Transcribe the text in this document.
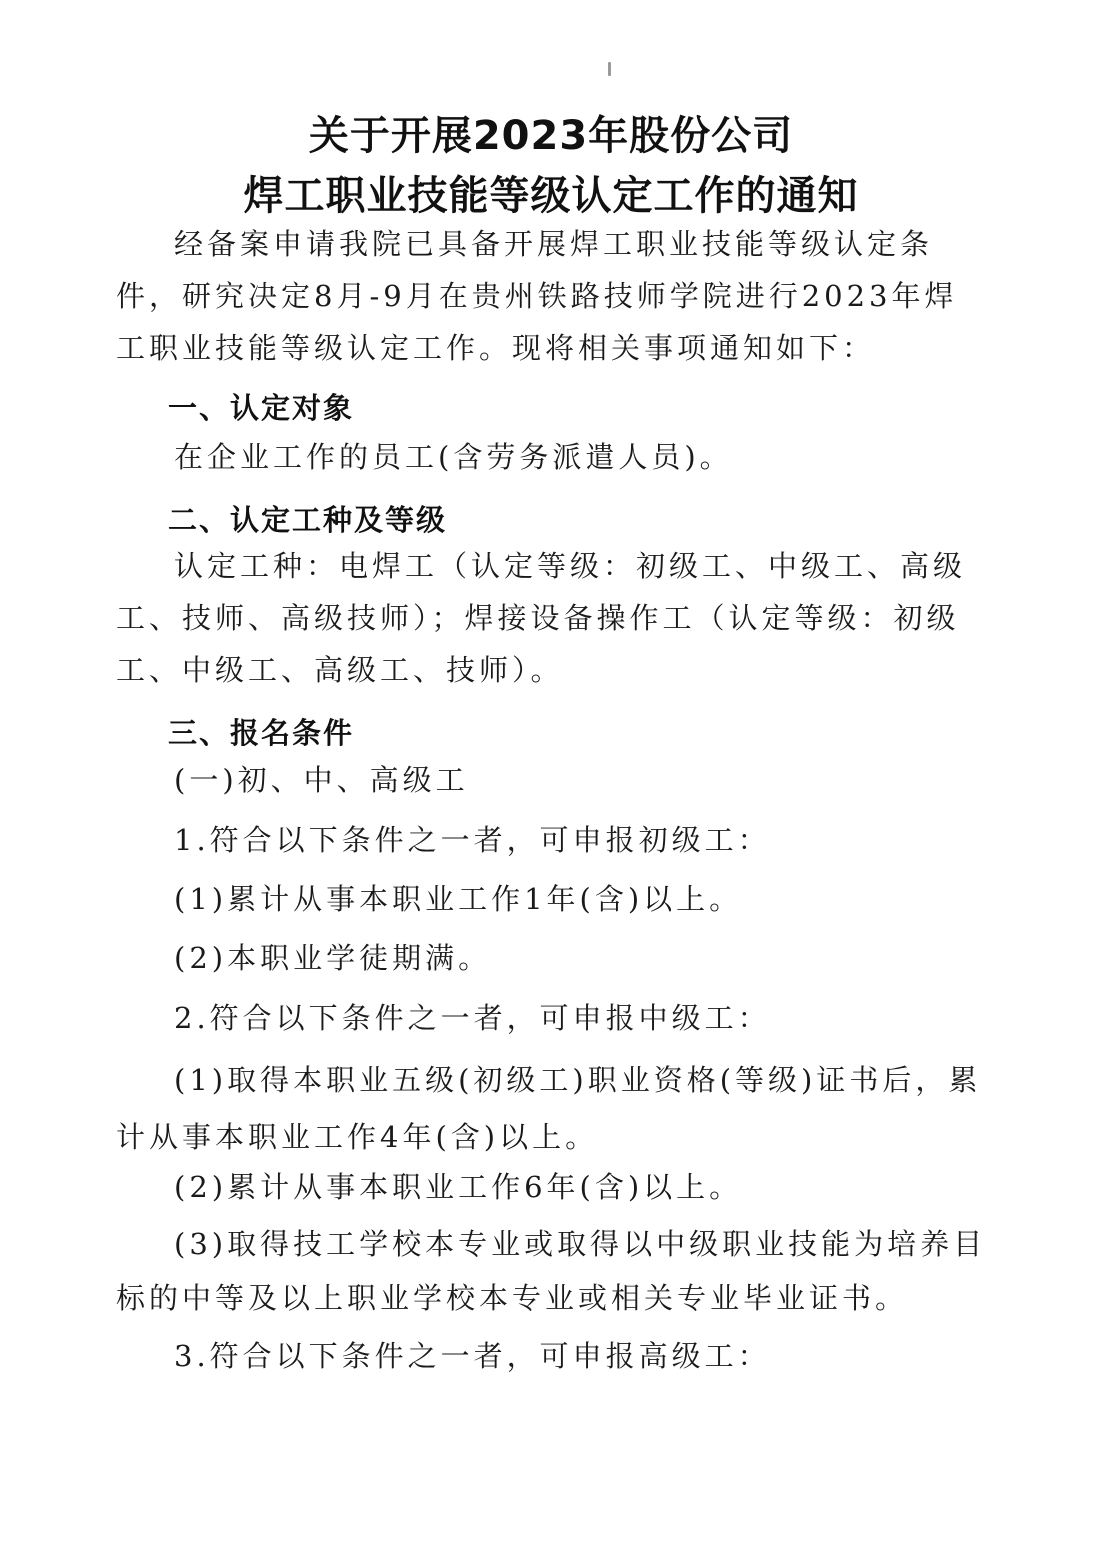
关于开展2023年股份公司
焊工职业技能等级认定工作的通知

经备案申请我院已具备开展焊工职业技能等级认定条件，研究决定8月-9月在贵州铁路技师学院进行2023年焊工职业技能等级认定工作。现将相关事项通知如下：

一、认定对象

在企业工作的员工(含劳务派遣人员)。

二、认定工种及等级

认定工种：电焊工（认定等级：初级工、中级工、高级工、技师、高级技师）；焊接设备操作工（认定等级：初级工、中级工、高级工、技师）。

三、报名条件

(一)初、中、高级工

1.符合以下条件之一者，可申报初级工：

(1)累计从事本职业工作1年(含)以上。

(2)本职业学徒期满。

2.符合以下条件之一者，可申报中级工：

(1)取得本职业五级(初级工)职业资格(等级)证书后，累计从事本职业工作4年(含)以上。

(2)累计从事本职业工作6年(含)以上。

(3)取得技工学校本专业或取得以中级职业技能为培养目标的中等及以上职业学校本专业或相关专业毕业证书。

3.符合以下条件之一者，可申报高级工：
